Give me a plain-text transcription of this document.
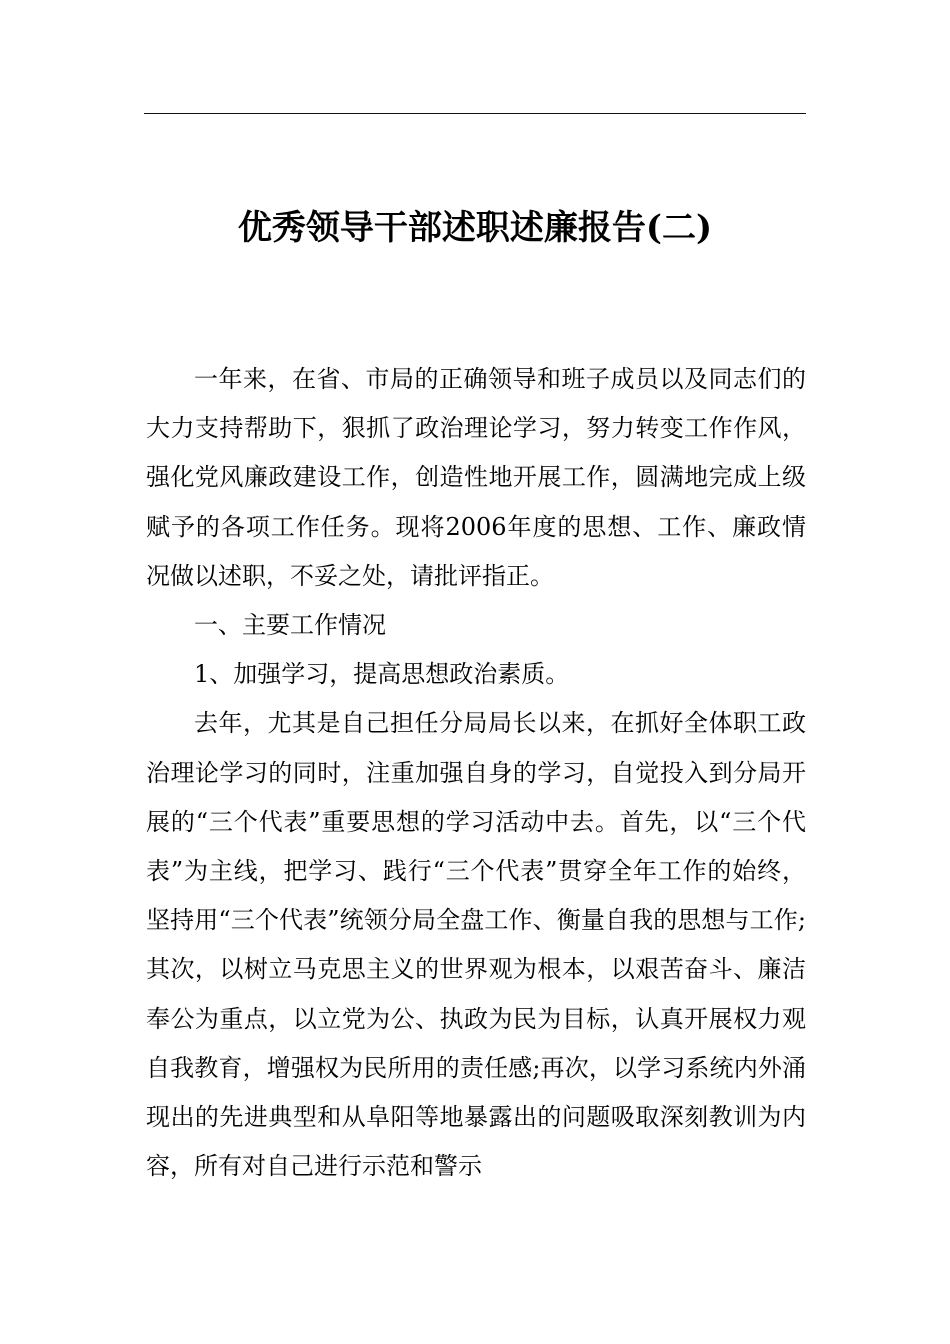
优秀领导干部述职述廉报告(二)

一年来，在省、市局的正确领导和班子成员以及同志们的大力支持帮助下，狠抓了政治理论学习，努力转变工作作风，强化党风廉政建设工作，创造性地开展工作，圆满地完成上级赋予的各项工作任务。现将2006年度的思想、工作、廉政情况做以述职，不妥之处，请批评指正。

一、主要工作情况

1、加强学习，提高思想政治素质。

去年，尤其是自己担任分局局长以来，在抓好全体职工政治理论学习的同时，注重加强自身的学习，自觉投入到分局开展的“三个代表”重要思想的学习活动中去。首先，以“三个代表”为主线，把学习、践行“三个代表”贯穿全年工作的始终，坚持用“三个代表”统领分局全盘工作、衡量自我的思想与工作;其次，以树立马克思主义的世界观为根本，以艰苦奋斗、廉洁奉公为重点，以立党为公、执政为民为目标，认真开展权力观自我教育，增强权为民所用的责任感;再次，以学习系统内外涌现出的先进典型和从阜阳等地暴露出的问题吸取深刻教训为内容，所有对自己进行示范和警示
